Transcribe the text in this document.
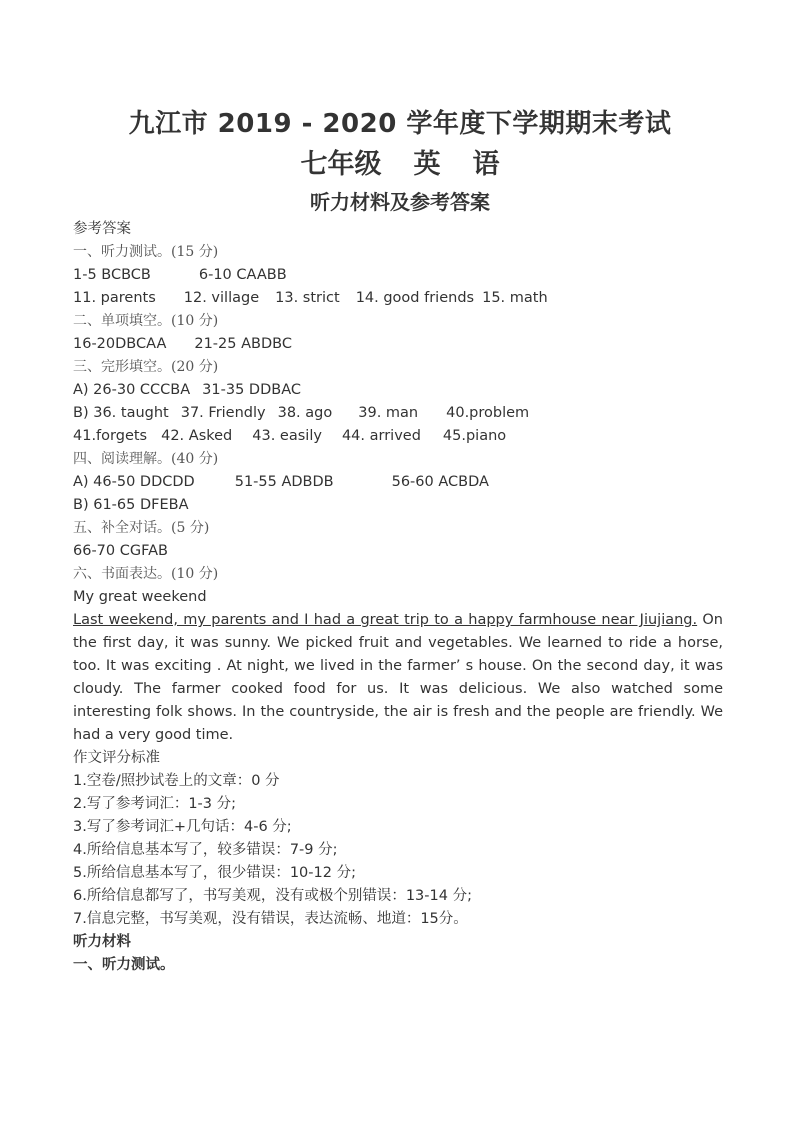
九江市 2019 - 2020 学年度下学期期末考试
七年级 英 语
听力材料及参考答案
参考答案
一、听力测试。(15 分)
1-5 BCBCB	6-10 CAABB
11. parents 12. village 13. strict 14. good friends 15. math
二、单项填空。(10 分)
16-20DBCAA 21-25 ABDBC
三、完形填空。(20 分)
A) 26-30 CCCBA 31-35 DDBAC
B) 36. taught 37. Friendly 38. ago 39. man 40.problem
41.forgets 42. Asked 43. easily 44. arrived 45.piano
四、阅读理解。(40 分)
A) 46-50 DDCDD	51-55 ADBDB	56-60 ACBDA
B) 61-65 DFEBA
五、补全对话。(5 分)
66-70 CGFAB
六、书面表达。(10 分)
My great weekend

Last weekend, my parents and I had a great trip to a happy farmhouse near Jiujiang. On the first day, it was sunny. We picked fruit and vegetables. We learned to ride a horse, too. It was exciting . At night, we lived in the farmer’ s house. On the second day, it was cloudy. The farmer cooked food for us. It was delicious. We also watched some interesting folk shows. In the countryside, the air is fresh and the people are friendly. We had a very good time.

作文评分标准
1.空卷/照抄试卷上的文章：0 分
2.写了参考词汇：1-3 分;
3.写了参考词汇+几句话：4-6 分;
4.所给信息基本写了，较多错误：7-9 分;
5.所给信息基本写了，很少错误：10-12 分;
6.所给信息都写了，书写美观，没有或极个别错误：13-14 分;
7.信息完整，书写美观，没有错误，表达流畅、地道：15分。
听力材料
一、听力测试。
